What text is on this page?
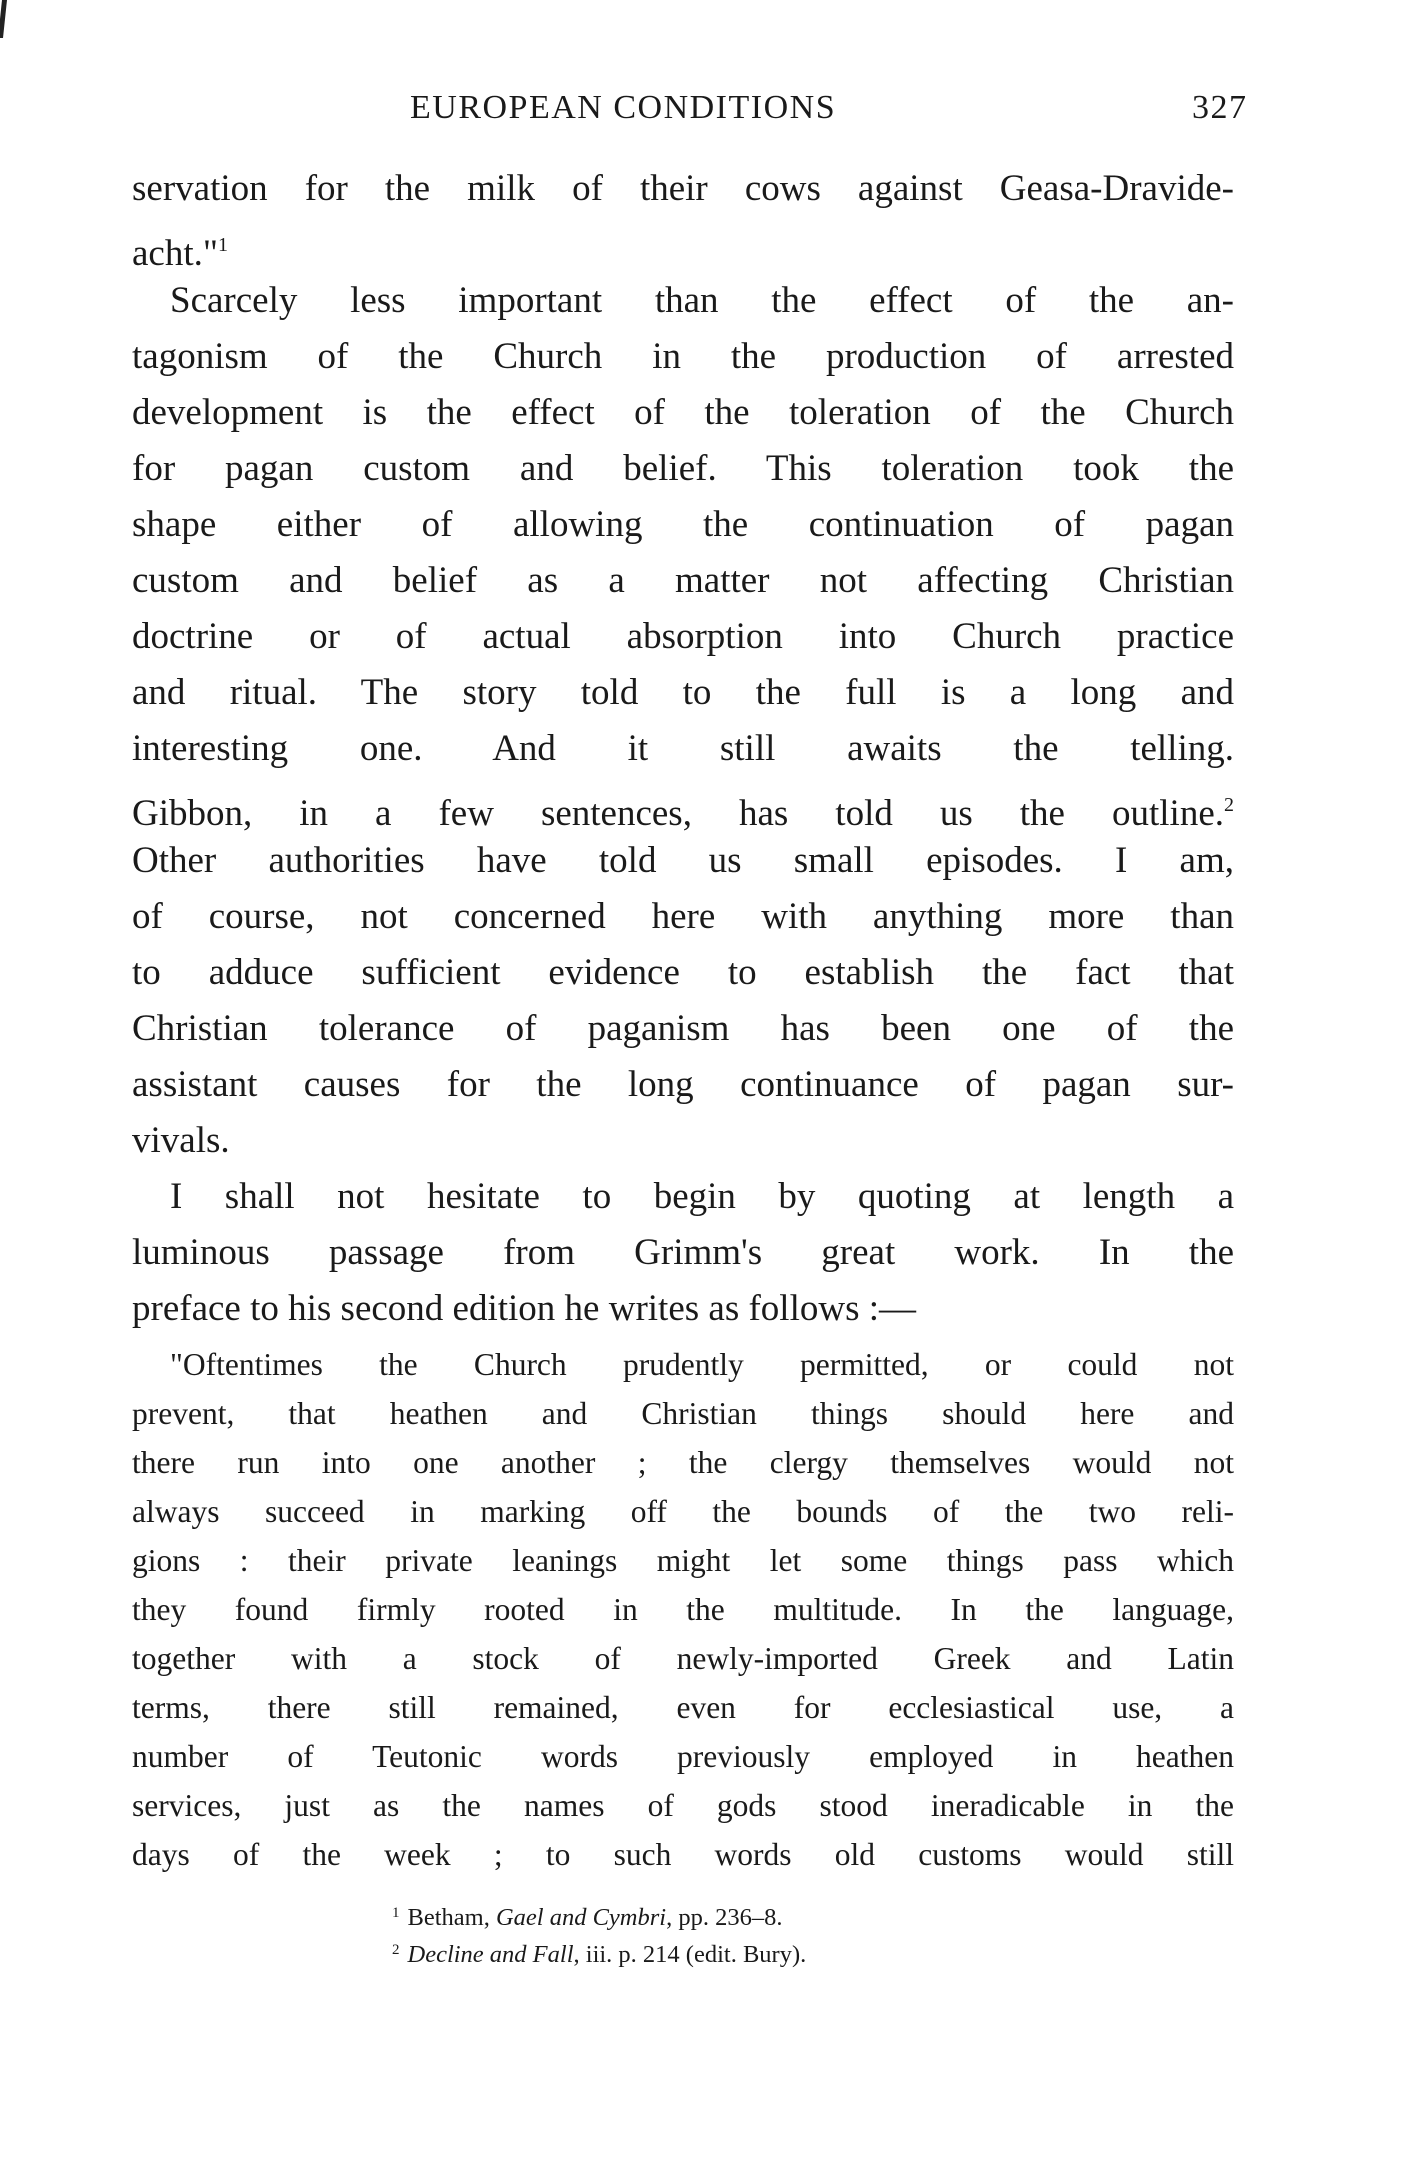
EUROPEAN CONDITIONS	327
servation for the milk of their cows against Geasa-Dravide-
acht."$^1$
Scarcely less important than the effect of the an-
tagonism of the Church in the production of arrested
development is the effect of the toleration of the Church
for pagan custom and belief. This toleration took the
shape either of allowing the continuation of pagan
custom and belief as a matter not affecting Christian
doctrine or of actual absorption into Church practice
and ritual. The story told to the full is a long and
interesting one. And it still awaits the telling.
Gibbon, in a few sentences, has told us the outline.$^2$
Other authorities have told us small episodes. I am,
of course, not concerned here with anything more than
to adduce sufficient evidence to establish the fact that
Christian tolerance of paganism has been one of the
assistant causes for the long continuance of pagan sur-
vivals.
I shall not hesitate to begin by quoting at length a
luminous passage from Grimm's great work. In the
preface to his second edition he writes as follows :—
"Oftentimes the Church prudently permitted, or could not
prevent, that heathen and Christian things should here and
there run into one another ; the clergy themselves would not
always succeed in marking off the bounds of the two reli-
gions : their private leanings might let some things pass which
they found firmly rooted in the multitude. In the language,
together with a stock of newly-imported Greek and Latin
terms, there still remained, even for ecclesiastical use, a
number of Teutonic words previously employed in heathen
services, just as the names of gods stood ineradicable in the
days of the week ; to such words old customs would still
$^1$ Betham, Gael and Cymbri, pp. 236–8.
$^2$ Decline and Fall, iii. p. 214 (edit. Bury).
